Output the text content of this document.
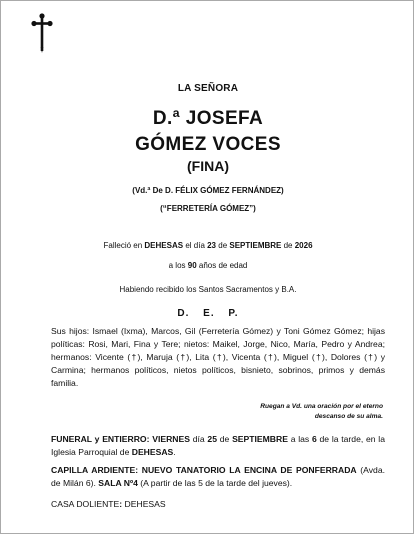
LA SEÑORA
D.ª JOSEFA
GÓMEZ VOCES
(FINA)
(Vd.ª De D. FÉLIX GÓMEZ FERNÁNDEZ)
(“FERRETERÍA GÓMEZ”)
Falleció en DEHESAS el día 23 de SEPTIEMBRE de 2026
a los 90 años de edad
Habiendo recibido los Santos Sacramentos y B.A.
D. E. P.
Sus hijos: Ismael (Ixma), Marcos, Gil (Ferretería Gómez) y Toni Gómez Gómez; hijas políticas: Rosi, Mari, Fina y Tere; nietos: Maikel, Jorge, Nico, María, Pedro y Andrea; hermanos: Vicente (†), Maruja (†), Lita (†), Vicenta (†), Miguel (†), Dolores (†) y Carmina; hermanos políticos, nietos políticos, bisnieto, sobrinos, primos y demás familia.
Ruegan a Vd. una oración por el eterno descanso de su alma.
FUNERAL y ENTIERRO: VIERNES día 25 de SEPTIEMBRE a las 6 de la tarde, en la Iglesia Parroquial de DEHESAS.
CAPILLA ARDIENTE: NUEVO TANATORIO LA ENCINA DE PONFERRADA (Avda. de Milán 6). SALA Nº4 (A partir de las 5 de la tarde del jueves).
CASA DOLIENTE: DEHESAS
